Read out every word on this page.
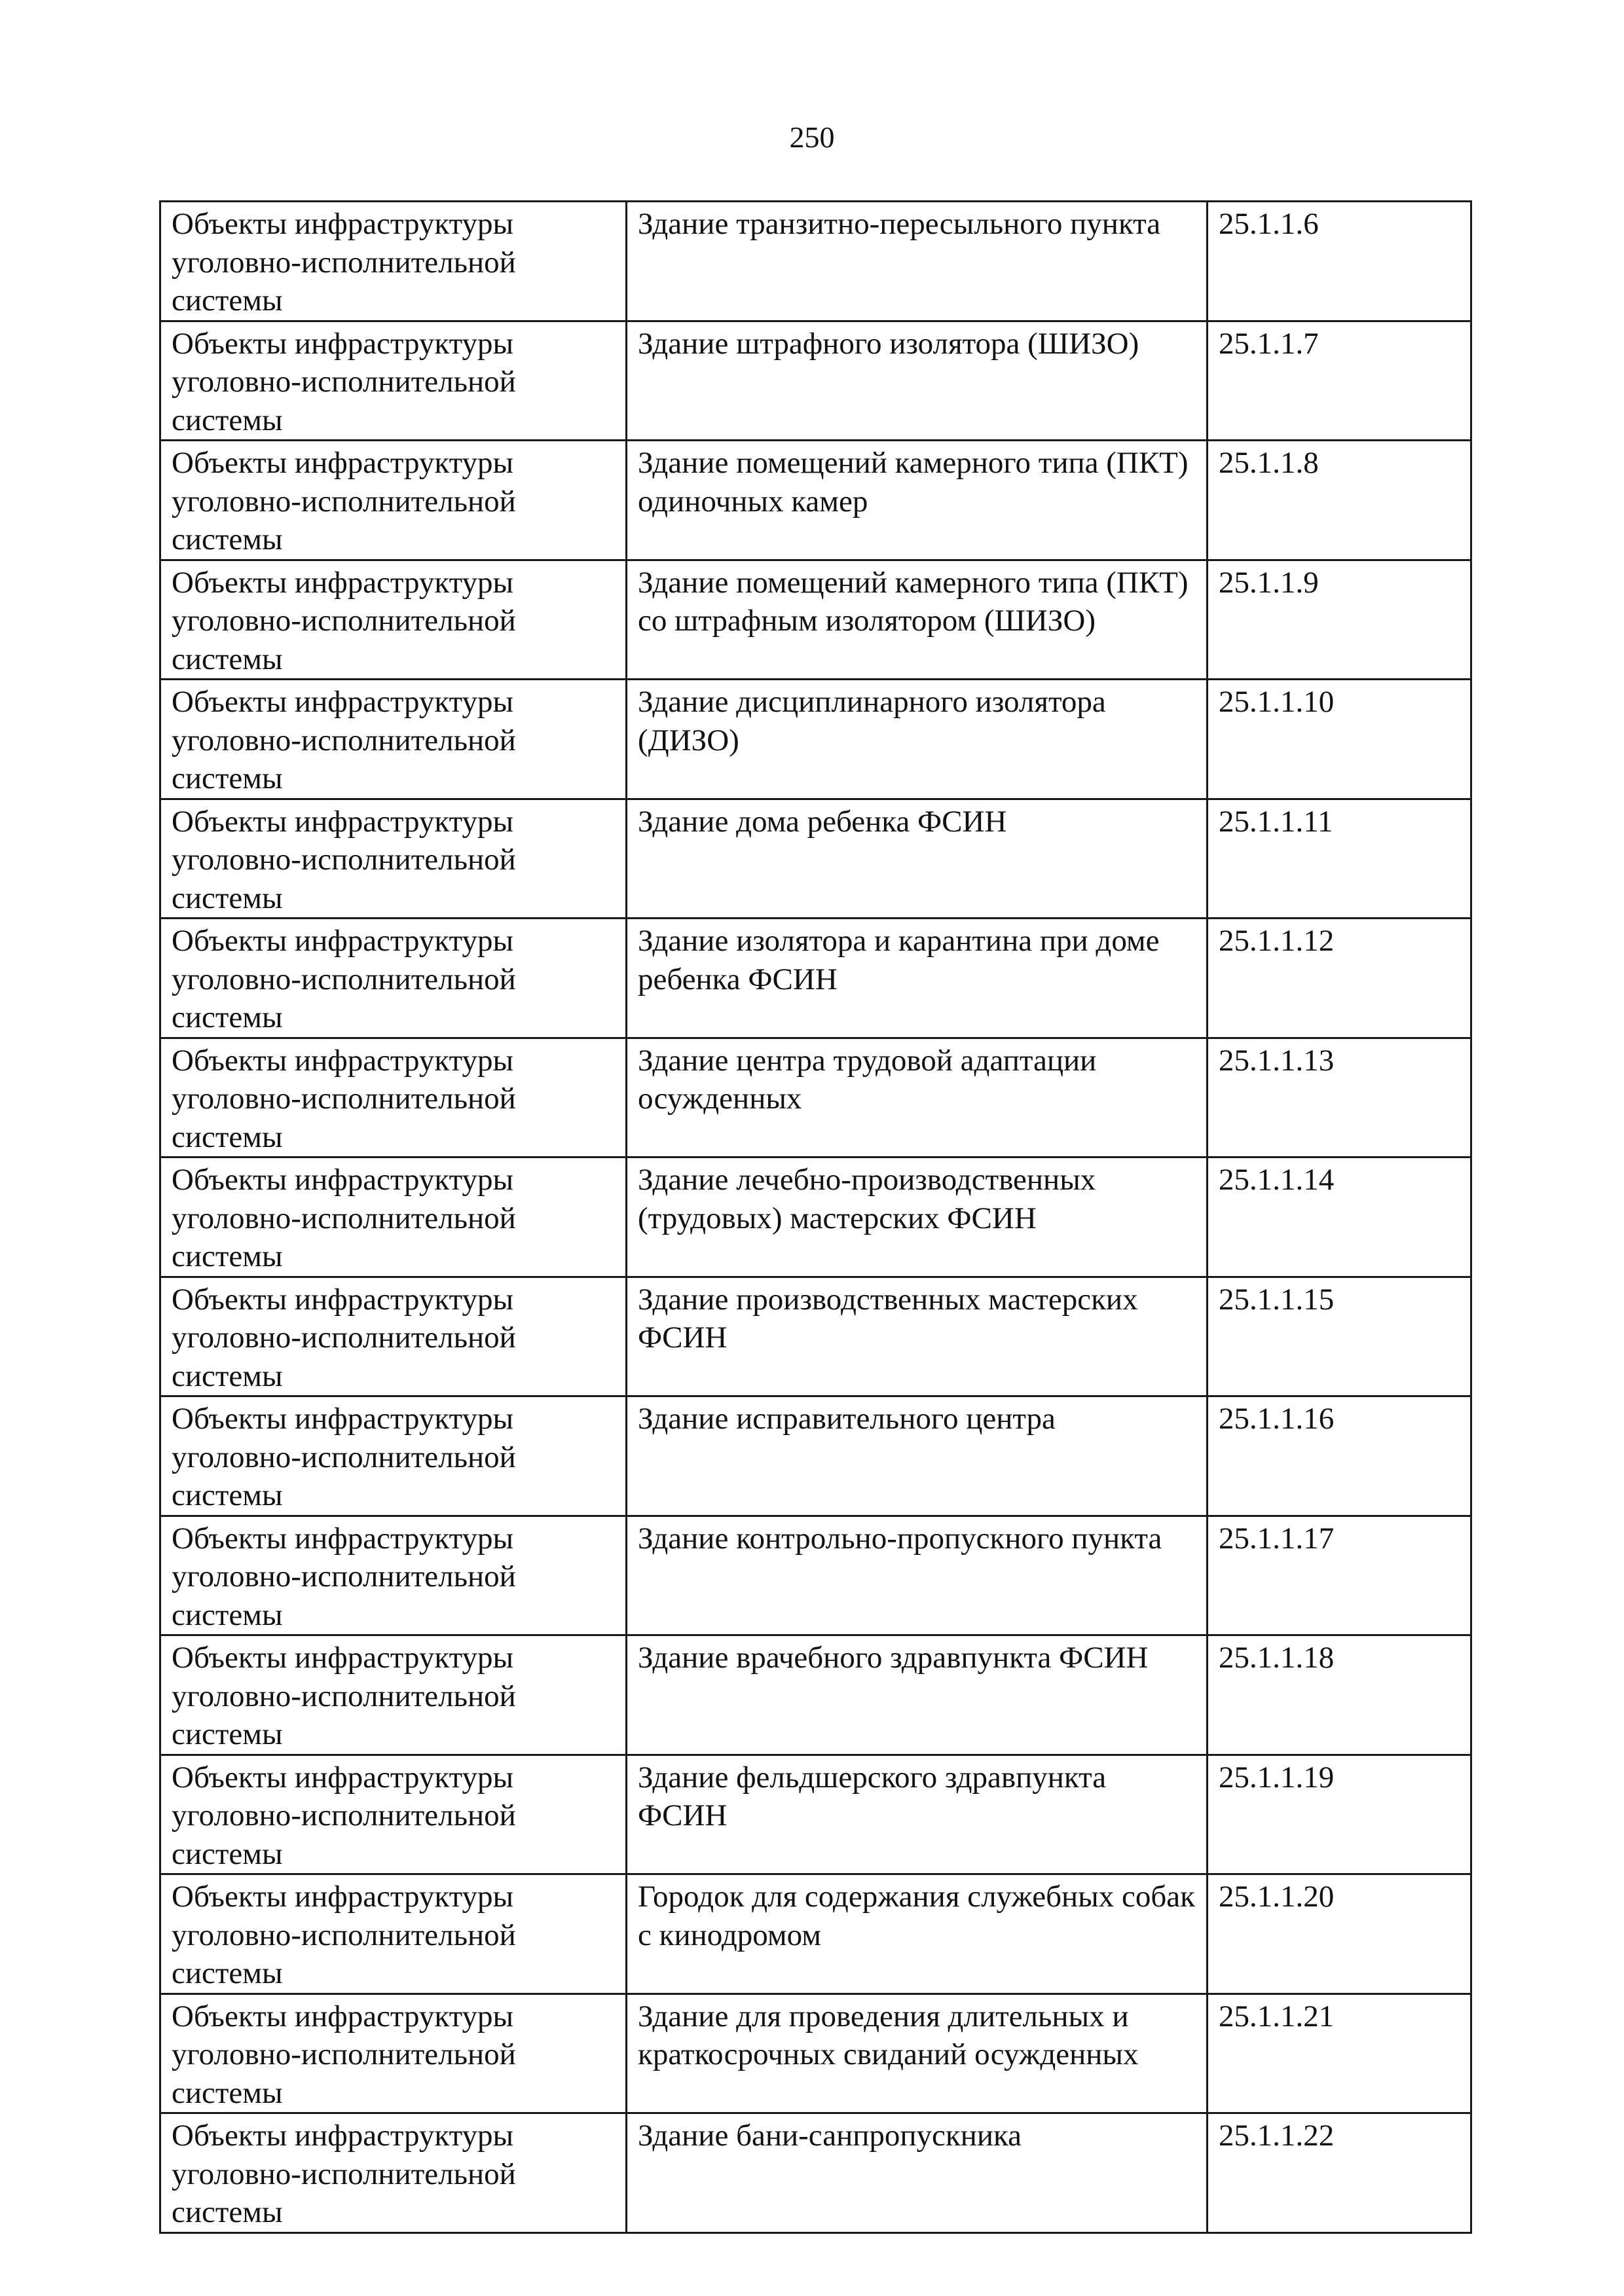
250
Объекты инфраструктуры уголовно-исполнительной системы	Здание транзитно-пересыльного пункта	25.1.1.6
Объекты инфраструктуры уголовно-исполнительной системы	Здание штрафного изолятора (ШИЗО)	25.1.1.7
Объекты инфраструктуры уголовно-исполнительной системы	Здание помещений камерного типа (ПКТ) одиночных камер	25.1.1.8
Объекты инфраструктуры уголовно-исполнительной системы	Здание помещений камерного типа (ПКТ) со штрафным изолятором (ШИЗО)	25.1.1.9
Объекты инфраструктуры уголовно-исполнительной системы	Здание дисциплинарного изолятора (ДИЗО)	25.1.1.10
Объекты инфраструктуры уголовно-исполнительной системы	Здание дома ребенка ФСИН	25.1.1.11
Объекты инфраструктуры уголовно-исполнительной системы	Здание изолятора и карантина при доме ребенка ФСИН	25.1.1.12
Объекты инфраструктуры уголовно-исполнительной системы	Здание центра трудовой адаптации осужденных	25.1.1.13
Объекты инфраструктуры уголовно-исполнительной системы	Здание лечебно-производственных (трудовых) мастерских ФСИН	25.1.1.14
Объекты инфраструктуры уголовно-исполнительной системы	Здание производственных мастерских ФСИН	25.1.1.15
Объекты инфраструктуры уголовно-исполнительной системы	Здание исправительного центра	25.1.1.16
Объекты инфраструктуры уголовно-исполнительной системы	Здание контрольно-пропускного пункта	25.1.1.17
Объекты инфраструктуры уголовно-исполнительной системы	Здание врачебного здравпункта ФСИН	25.1.1.18
Объекты инфраструктуры уголовно-исполнительной системы	Здание фельдшерского здравпункта ФСИН	25.1.1.19
Объекты инфраструктуры уголовно-исполнительной системы	Городок для содержания служебных собак с кинодромом	25.1.1.20
Объекты инфраструктуры уголовно-исполнительной системы	Здание для проведения длительных и краткосрочных свиданий осужденных	25.1.1.21
Объекты инфраструктуры уголовно-исполнительной системы	Здание бани-санпропускника	25.1.1.22
